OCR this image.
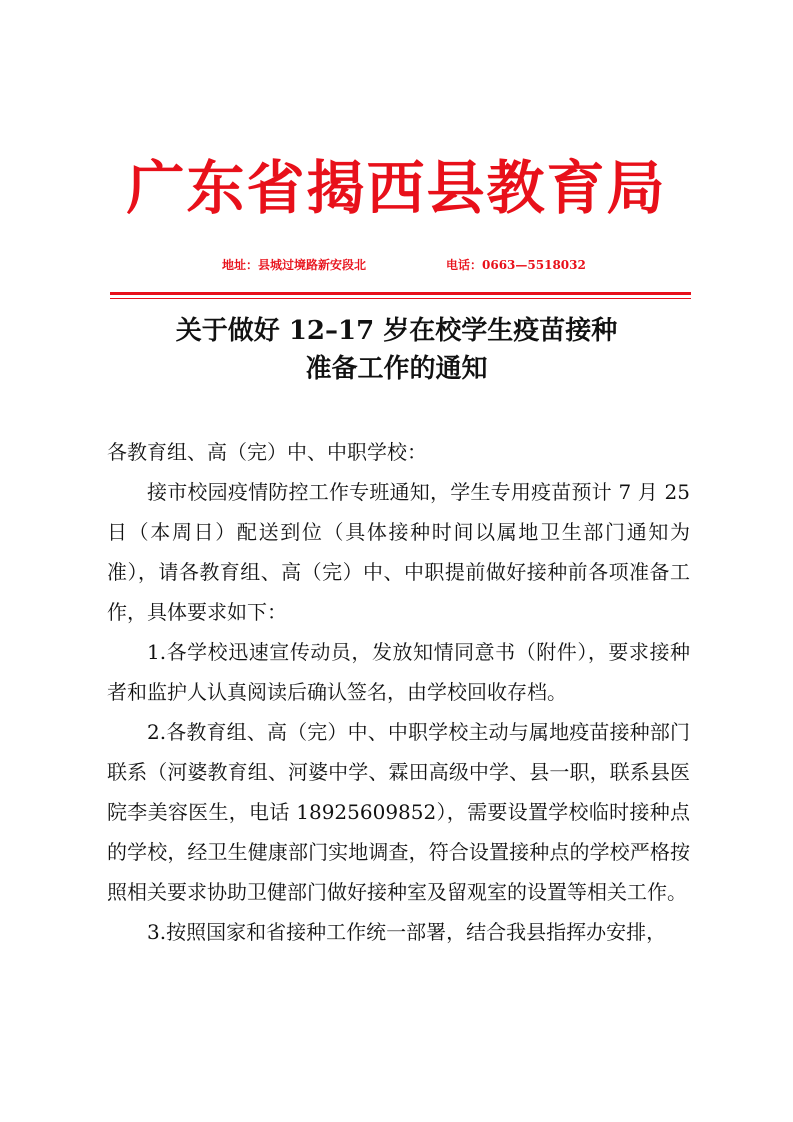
广东省揭西县教育局
地址：县城过境路新安段北	电话：0663—5518032
关于做好 12–17 岁在校学生疫苗接种
准备工作的通知

各教育组、高（完）中、中职学校：

接市校园疫情防控工作专班通知，学生专用疫苗预计 7 月 25 日（本周日）配送到位（具体接种时间以属地卫生部门通知为准），请各教育组、高（完）中、中职提前做好接种前各项准备工作，具体要求如下：

1.各学校迅速宣传动员，发放知情同意书（附件），要求接种者和监护人认真阅读后确认签名，由学校回收存档。

2.各教育组、高（完）中、中职学校主动与属地疫苗接种部门联系（河婆教育组、河婆中学、霖田高级中学、县一职，联系县医院李美容医生，电话 18925609852），需要设置学校临时接种点的学校，经卫生健康部门实地调查，符合设置接种点的学校严格按照相关要求协助卫健部门做好接种室及留观室的设置等相关工作。

3.按照国家和省接种工作统一部署，结合我县指挥办安排，
